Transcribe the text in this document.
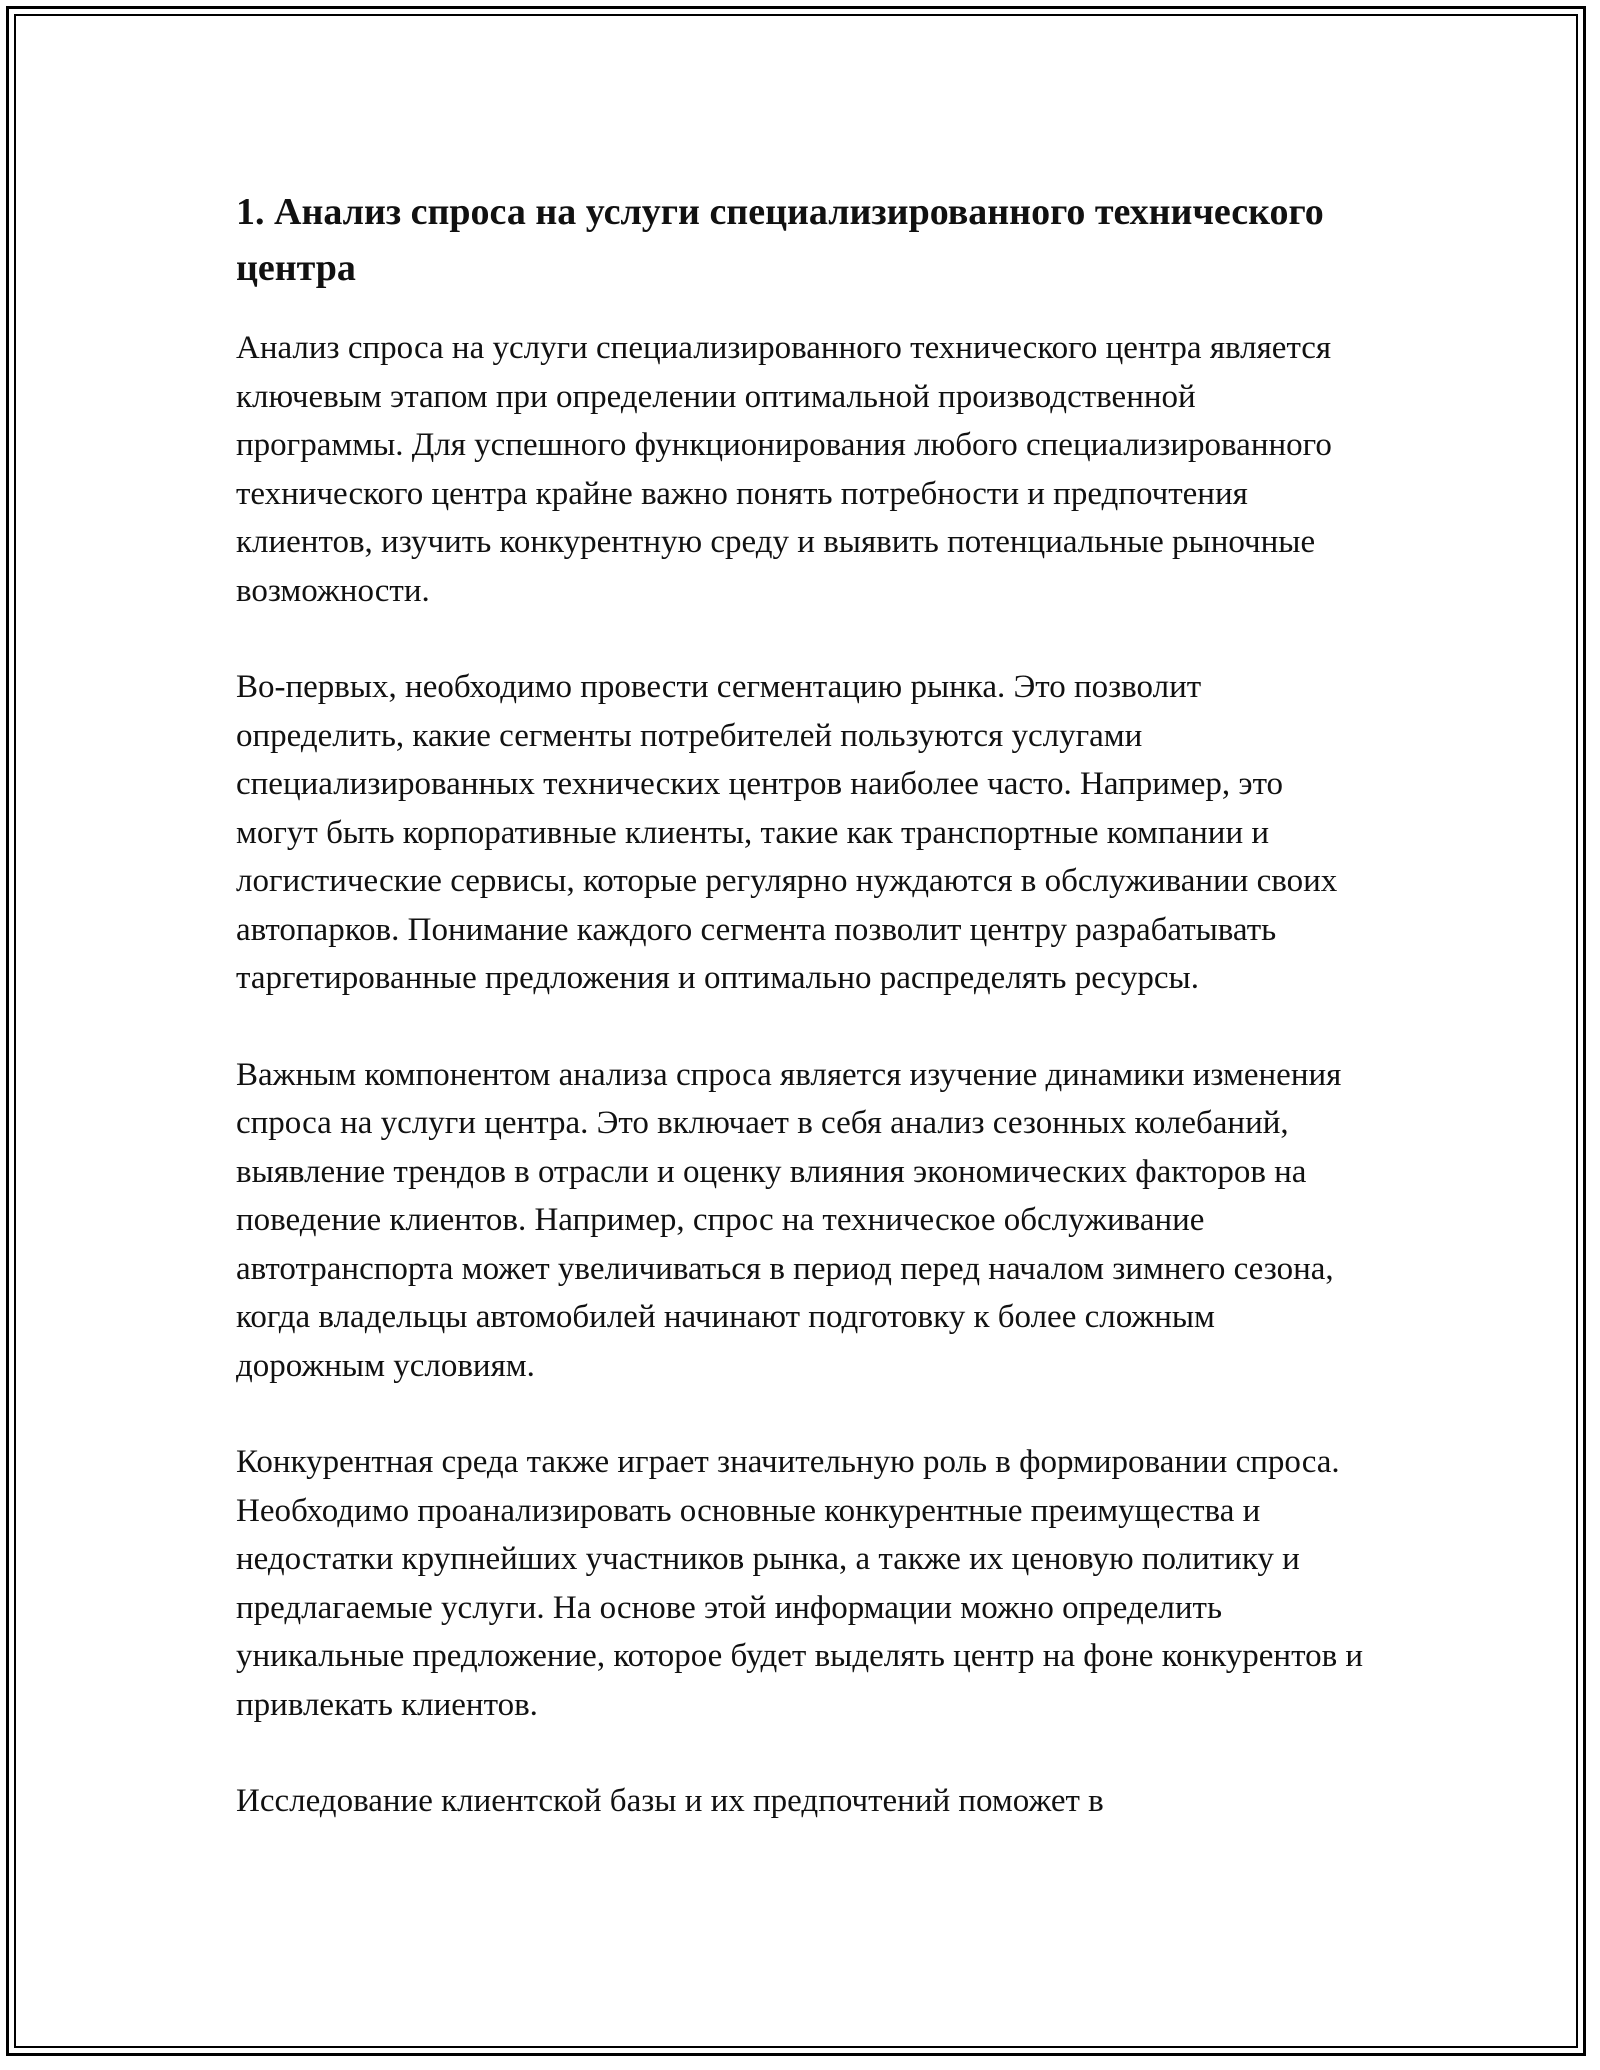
1. Анализ спроса на услуги специализированного технического центра

Анализ спроса на услуги специализированного технического центра является ключевым этапом при определении оптимальной производственной программы. Для успешного функционирования любого специализированного технического центра крайне важно понять потребности и предпочтения клиентов, изучить конкурентную среду и выявить потенциальные рыночные возможности.

Во-первых, необходимо провести сегментацию рынка. Это позволит определить, какие сегменты потребителей пользуются услугами специализированных технических центров наиболее часто. Например, это могут быть корпоративные клиенты, такие как транспортные компании и логистические сервисы, которые регулярно нуждаются в обслуживании своих автопарков. Понимание каждого сегмента позволит центру разрабатывать таргетированные предложения и оптимально распределять ресурсы.

Важным компонентом анализа спроса является изучение динамики изменения спроса на услуги центра. Это включает в себя анализ сезонных колебаний, выявление трендов в отрасли и оценку влияния экономических факторов на поведение клиентов. Например, спрос на техническое обслуживание автотранспорта может увеличиваться в период перед началом зимнего сезона, когда владельцы автомобилей начинают подготовку к более сложным дорожным условиям.

Конкурентная среда также играет значительную роль в формировании спроса. Необходимо проанализировать основные конкурентные преимущества и недостатки крупнейших участников рынка, а также их ценовую политику и предлагаемые услуги. На основе этой информации можно определить уникальные предложение, которое будет выделять центр на фоне конкурентов и привлекать клиентов.

Исследование клиентской базы и их предпочтений поможет в
